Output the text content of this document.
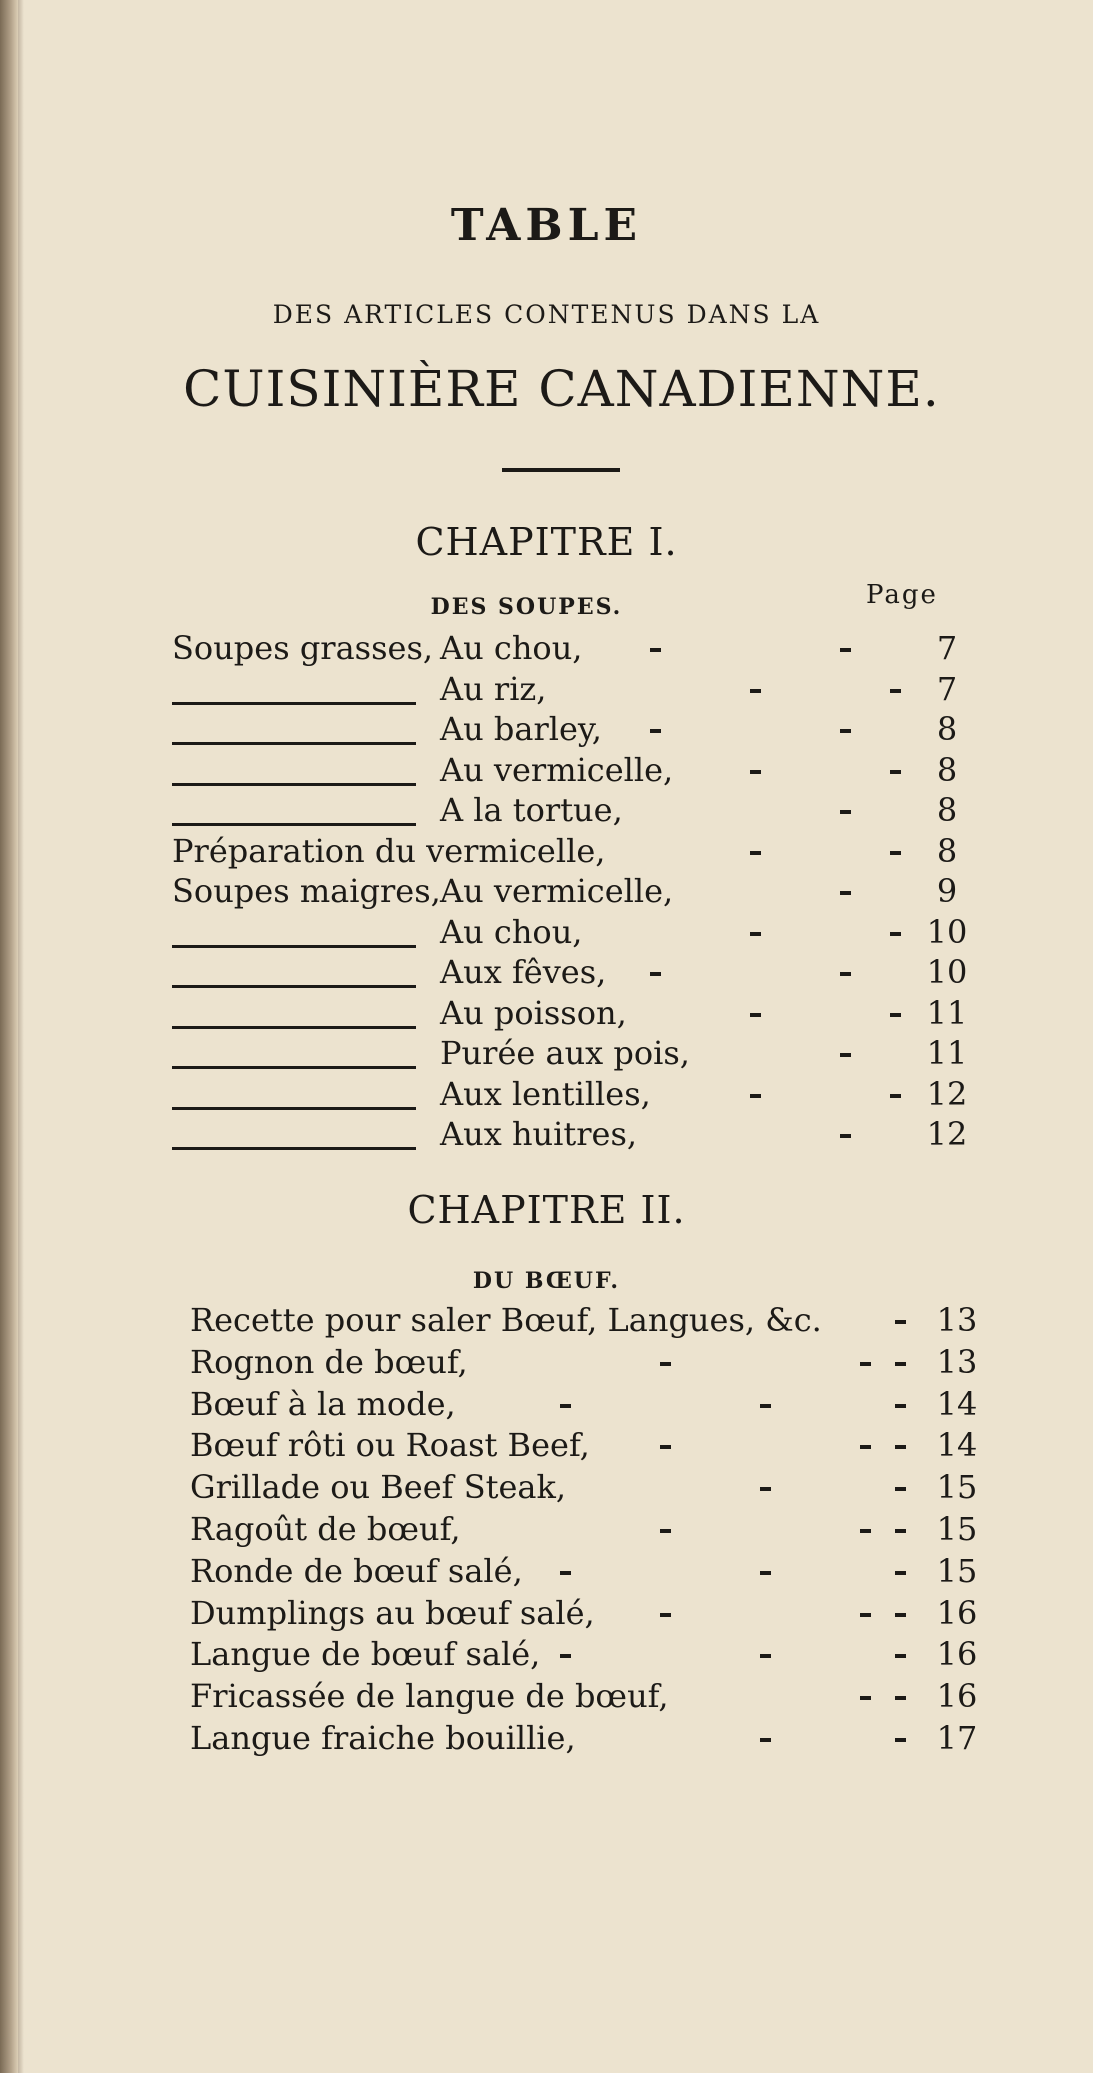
TABLE
DES ARTICLES CONTENUS DANS LA
CUISINIÈRE CANADIENNE.
CHAPITRE I.
DES SOUPES.	Page
CHAPITRE II.
DU BŒUF.
Soupes grasses, Au chou,	7
Au riz,	7
Au barley,	8
Au vermicelle,	8
A la tortue,	8
Préparation du vermicelle,	8
Soupes maigres, Au vermicelle,	9
Au chou,	10
Aux fêves,	10
Au poisson,	11
Purée aux pois,	11
Aux lentilles,	12
Aux huitres,	12
Recette pour saler Bœuf, Langues, &c.	13
Rognon de bœuf,	13
Bœuf à la mode,	14
Bœuf rôti ou Roast Beef,	14
Grillade ou Beef Steak,	15
Ragoût de bœuf,	15
Ronde de bœuf salé,	15
Dumplings au bœuf salé,	16
Langue de bœuf salé,	16
Fricassée de langue de bœuf,	16
Langue fraiche bouillie,	17
